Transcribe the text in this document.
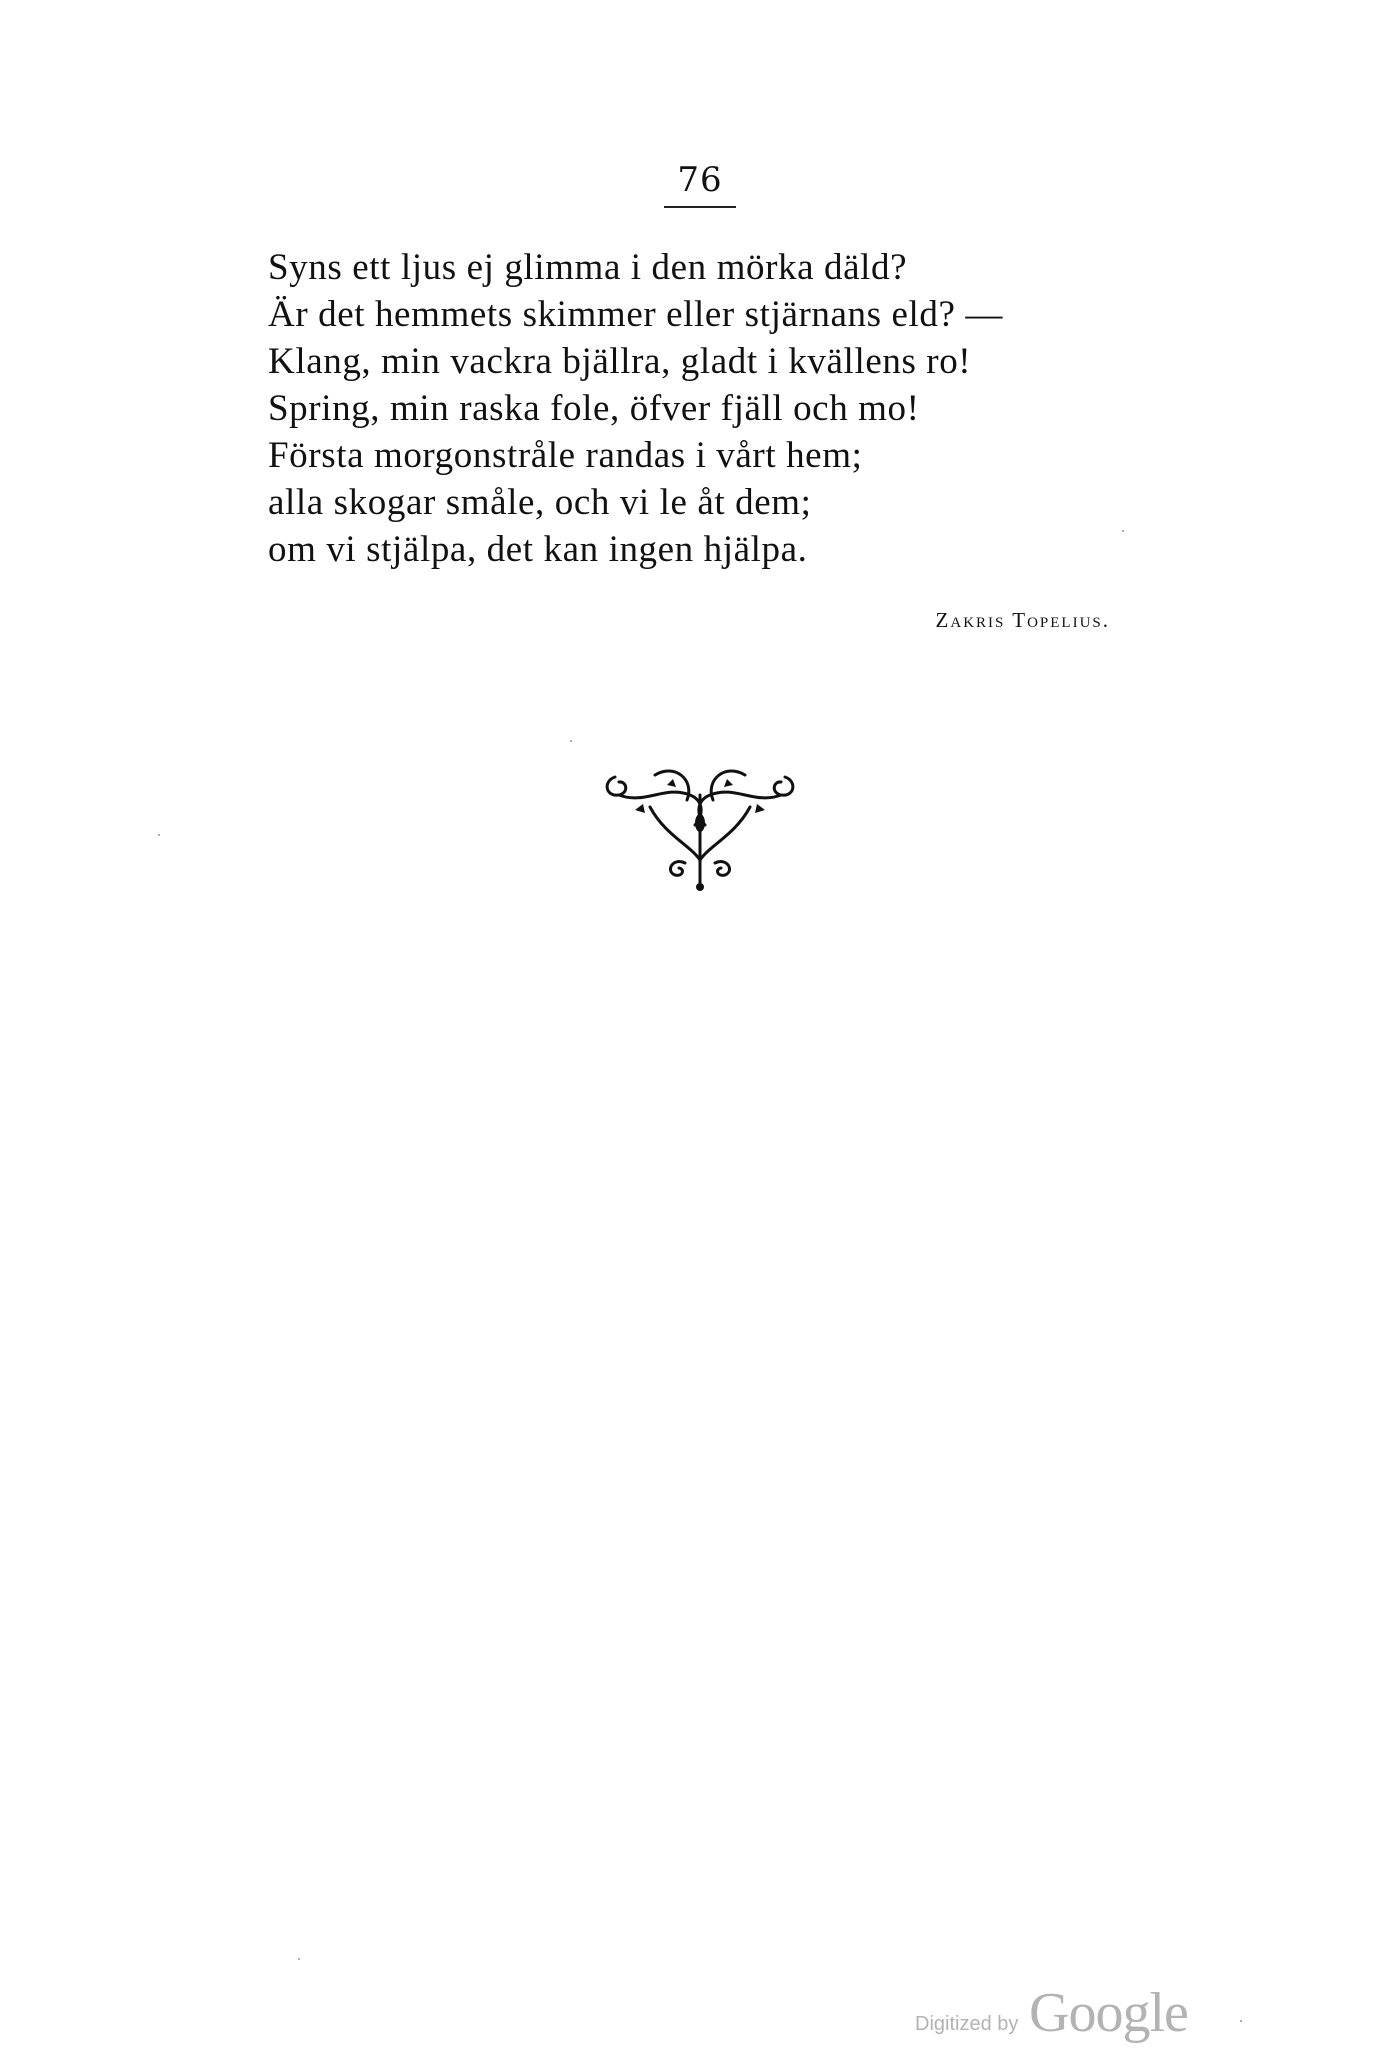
76
Syns ett ljus ej glimma i den mörka däld?
Är det hemmets skimmer eller stjärnans eld? —
Klang, min vackra bjällra, gladt i kvällens ro!
Spring, min raska fole, öfver fjäll och mo!
Första morgonstråle randas i vårt hem;
alla skogar småle, och vi le åt dem;
om vi stjälpa, det kan ingen hjälpa.
Zakris Topelius.
Digitized by Google
